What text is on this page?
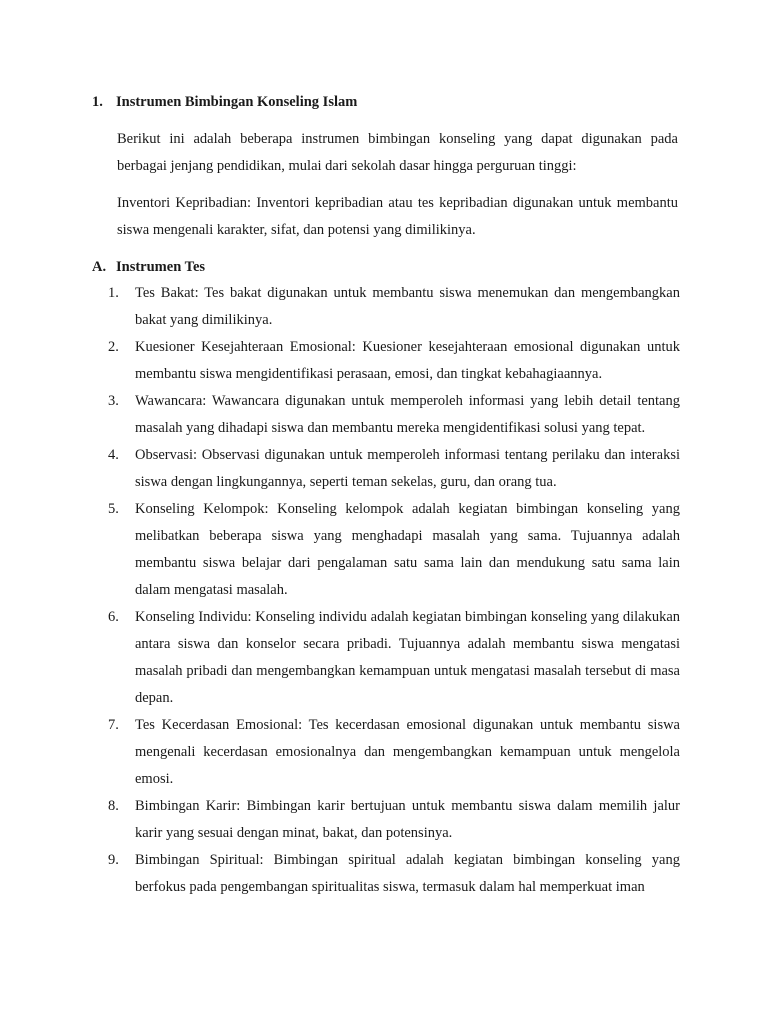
1. Instrumen Bimbingan Konseling Islam
Berikut ini adalah beberapa instrumen bimbingan konseling yang dapat digunakan pada berbagai jenjang pendidikan, mulai dari sekolah dasar hingga perguruan tinggi:
Inventori Kepribadian: Inventori kepribadian atau tes kepribadian digunakan untuk membantu siswa mengenali karakter, sifat, dan potensi yang dimilikinya.
A. Instrumen Tes
1.	Tes Bakat: Tes bakat digunakan untuk membantu siswa menemukan dan mengembangkan bakat yang dimilikinya.
2.	Kuesioner Kesejahteraan Emosional: Kuesioner kesejahteraan emosional digunakan untuk membantu siswa mengidentifikasi perasaan, emosi, dan tingkat kebahagiaannya.
3.	Wawancara: Wawancara digunakan untuk memperoleh informasi yang lebih detail tentang masalah yang dihadapi siswa dan membantu mereka mengidentifikasi solusi yang tepat.
4.	Observasi: Observasi digunakan untuk memperoleh informasi tentang perilaku dan interaksi siswa dengan lingkungannya, seperti teman sekelas, guru, dan orang tua.
5.	Konseling Kelompok: Konseling kelompok adalah kegiatan bimbingan konseling yang melibatkan beberapa siswa yang menghadapi masalah yang sama. Tujuannya adalah membantu siswa belajar dari pengalaman satu sama lain dan mendukung satu sama lain dalam mengatasi masalah.
6.	Konseling Individu: Konseling individu adalah kegiatan bimbingan konseling yang dilakukan antara siswa dan konselor secara pribadi. Tujuannya adalah membantu siswa mengatasi masalah pribadi dan mengembangkan kemampuan untuk mengatasi masalah tersebut di masa depan.
7.	Tes Kecerdasan Emosional: Tes kecerdasan emosional digunakan untuk membantu siswa mengenali kecerdasan emosionalnya dan mengembangkan kemampuan untuk mengelola emosi.
8.	Bimbingan Karir: Bimbingan karir bertujuan untuk membantu siswa dalam memilih jalur karir yang sesuai dengan minat, bakat, dan potensinya.
9.	Bimbingan Spiritual: Bimbingan spiritual adalah kegiatan bimbingan konseling yang berfokus pada pengembangan spiritualitas siswa, termasuk dalam hal memperkuat iman
